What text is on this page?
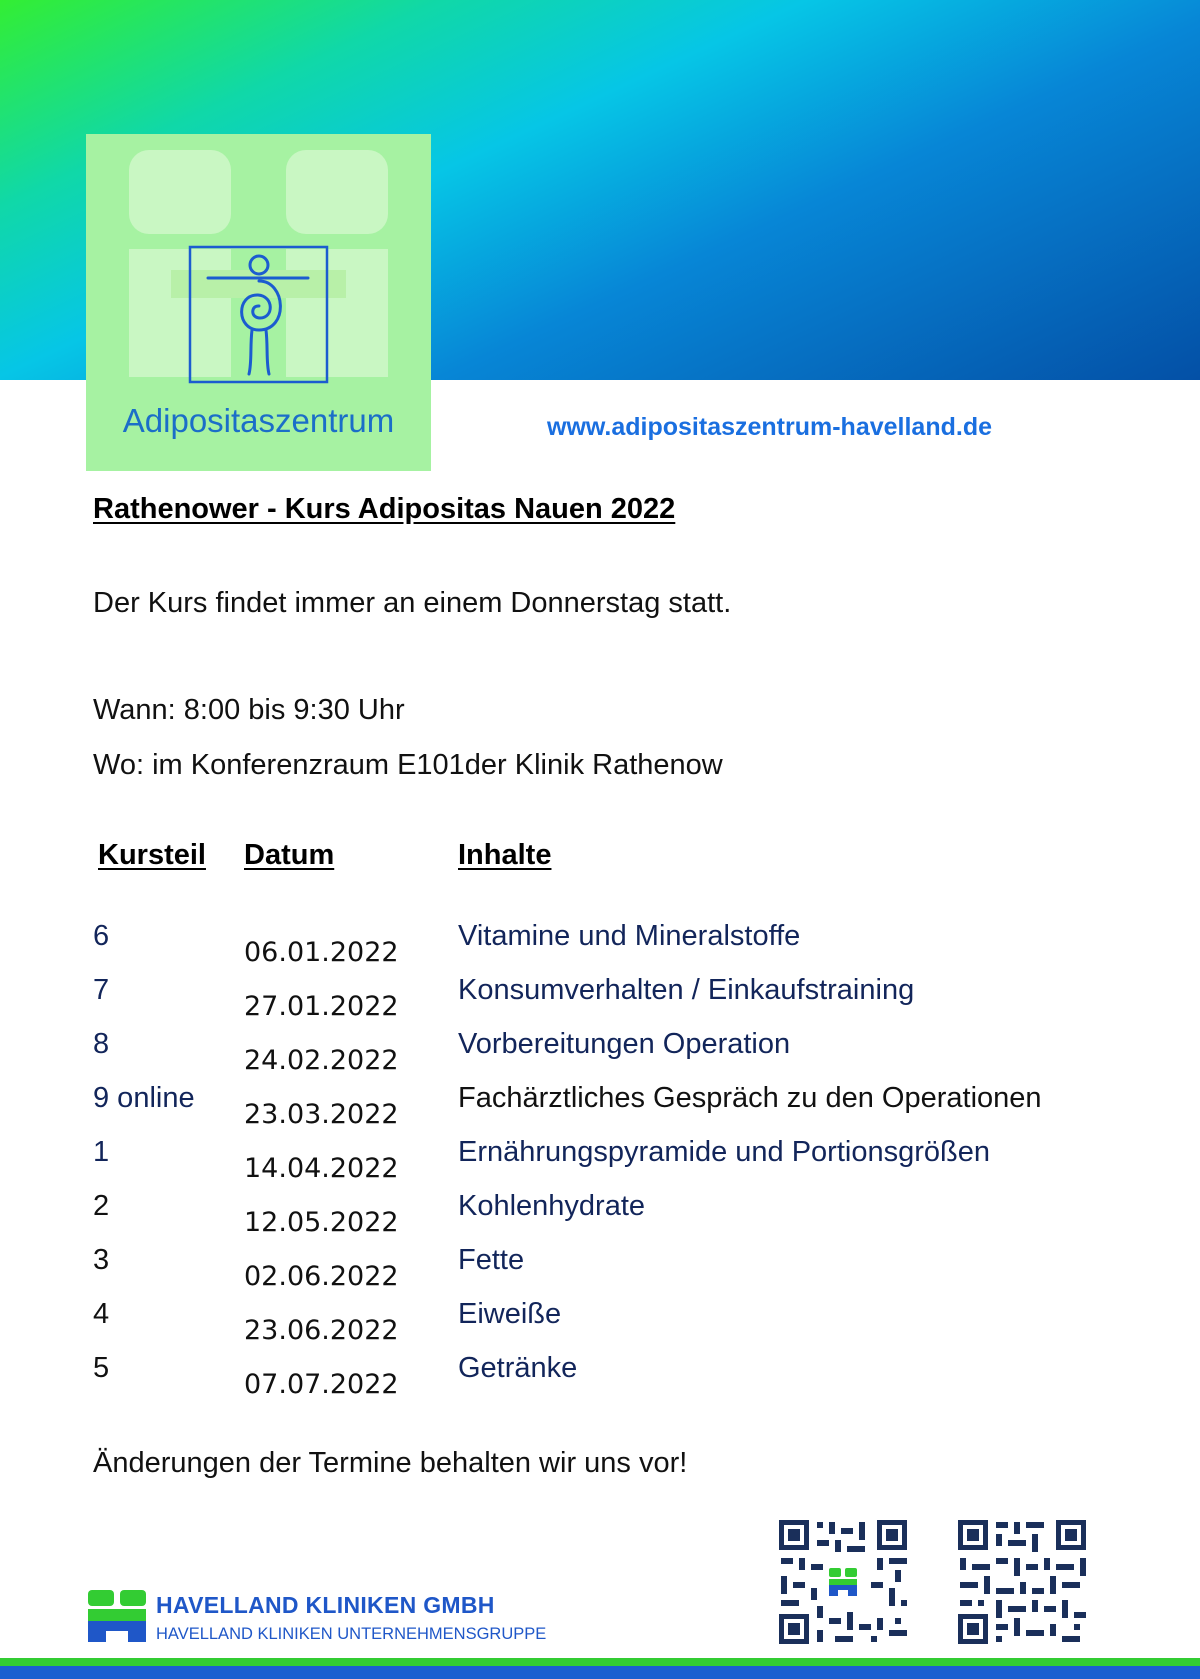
Adipositaszentrum	www.adipositaszentrum-havelland.de
Rathenower - Kurs Adipositas Nauen 2022
Der Kurs findet immer an einem Donnerstag statt.
Wann: 8:00 bis 9:30 Uhr
Wo: im Konferenzraum E101der Klinik Rathenow
Kursteil Datum	Inhalte
6
06.01.2022
Vitamine und Mineralstoffe
7
27.01.2022
Konsumverhalten / Einkaufstraining
8
24.02.2022
Vorbereitungen Operation
9 online
23.03.2022
Fachärztliches Gespräch zu den Operationen
1
14.04.2022
Ernährungspyramide und Portionsgrößen
2
12.05.2022
Kohlenhydrate
3
02.06.2022
Fette
4
23.06.2022
Eiweiße
5
07.07.2022
Getränke
Änderungen der Termine behalten wir uns vor!
HAVELLAND KLINIKEN GMBH
HAVELLAND KLINIKEN UNTERNEHMENSGRUPPE
